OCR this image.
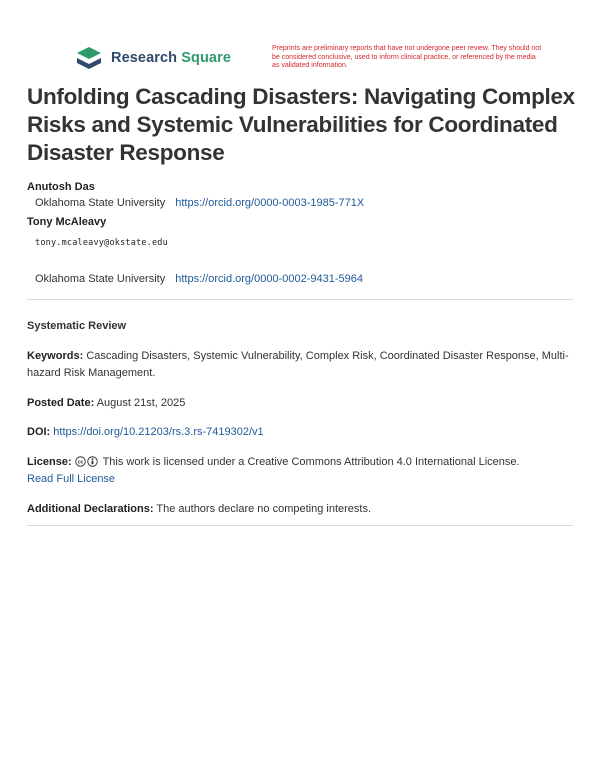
Research Square
Preprints are preliminary reports that have not undergone peer review. They should not be considered conclusive, used to inform clinical practice, or referenced by the media as validated information.
Unfolding Cascading Disasters: Navigating Complex Risks and Systemic Vulnerabilities for Coordinated Disaster Response
Anutosh Das
Oklahoma State University https://orcid.org/0000-0003-1985-771X
Tony McAleavy
tony.mcaleavy@okstate.edu
Oklahoma State University https://orcid.org/0000-0002-9431-5964
Systematic Review
Keywords: Cascading Disasters, Systemic Vulnerability, Complex Risk, Coordinated Disaster Response, Multi-hazard Risk Management.
Posted Date: August 21st, 2025
DOI: https://doi.org/10.21203/rs.3.rs-7419302/v1
License: cc This work is licensed under a Creative Commons Attribution 4.0 International License.
Read Full License
Additional Declarations: The authors declare no competing interests.
